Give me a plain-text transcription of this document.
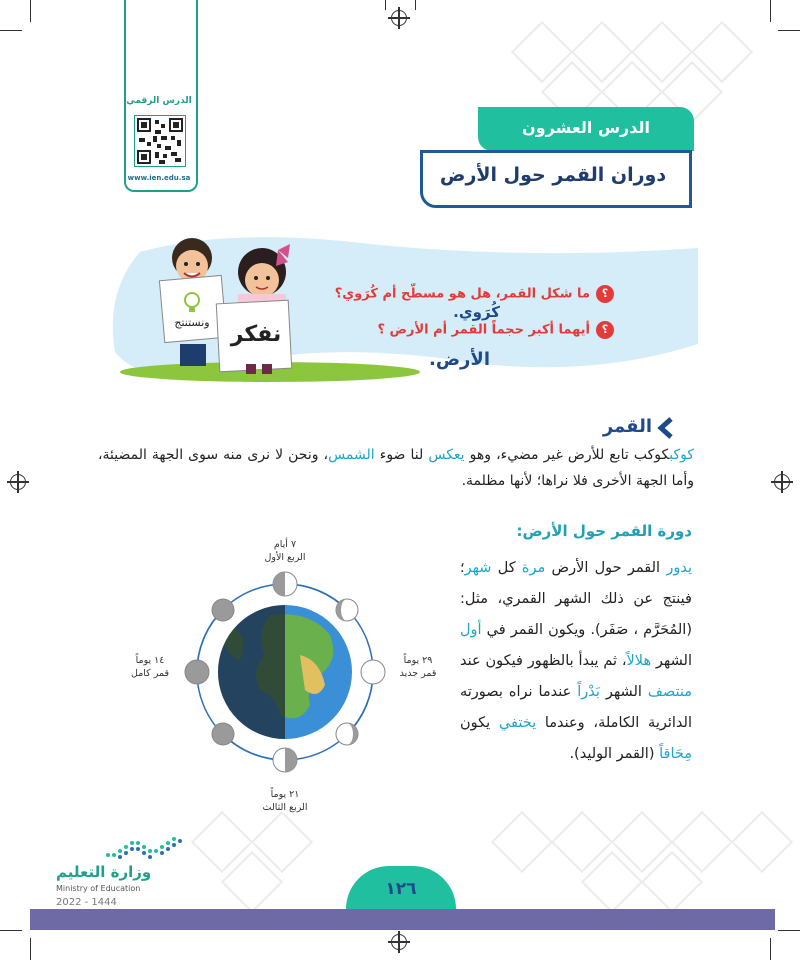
الدرس الرقمي
www.ien.edu.sa
الدرس العشرون
دوران القمر حول الأرض
ونستنتج نفكر
؟ما شكل القمر، هل هو مسطّح أم كُرَوي؟
كُرَوي.
؟أيهما أكبر حجماً القمر أم الأرض ؟
الأرض.
القمر
كوكبكوكب تابع للأرض غير مضيء، وهو يعكس لنا ضوء الشمس، ونحن لا نرى منه سوى الجهة المضيئة، وأما الجهة الأخرى فلا نراها؛ لأنها مظلمة.
دورة القمر حول الأرض:
يدور القمر حول الأرض مرة كل شهر؛ فينتج عن ذلك الشهر القمري، مثل: (المُحَرَّم ، صَفَر). ويكون القمر في أول الشهر هلالاً، ثم يبدأ بالظهور فيكون عند منتصف الشهر بَدْراً عندما نراه بصورته الدائرية الكاملة، وعندما يختفي يكون مِحَاقاً (القمر الوليد).
٧ أيام
الربع الأول
١٤ يوماً
قمر كامل
٢٩ يوماً
قمر جديد
٢١ يوماً
الربع الثالث
وزارة التعليم
Ministry of Education
2022 - 1444
١٢٦
